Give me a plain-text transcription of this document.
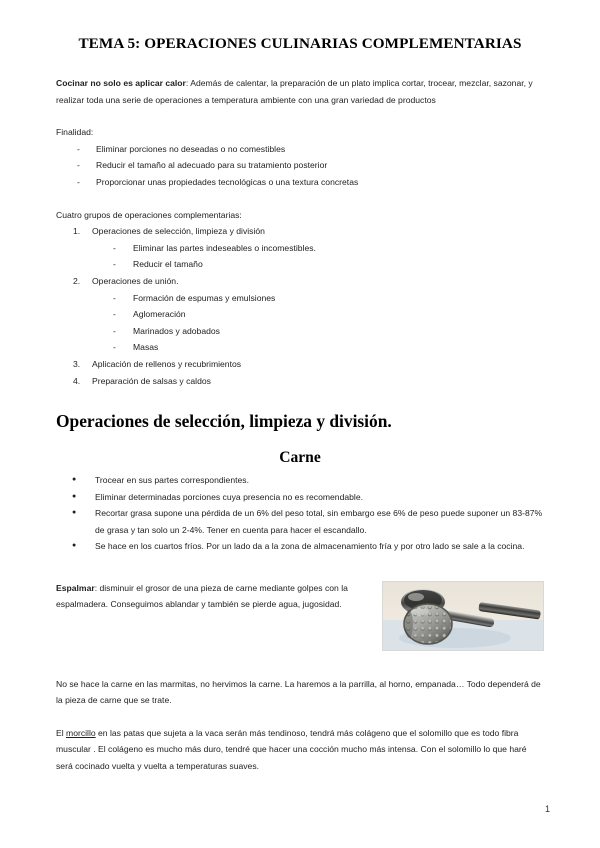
TEMA 5: OPERACIONES CULINARIAS COMPLEMENTARIAS

Cocinar no solo es aplicar calor: Además de calentar, la preparación de un plato implica cortar, trocear, mezclar, sazonar, y realizar toda una serie de operaciones a temperatura ambiente con una gran variedad de productos

Finalidad:

- Eliminar porciones no deseadas o no comestibles
- Reducir el tamaño al adecuado para su tratamiento posterior
- Proporcionar unas propiedades tecnológicas o una textura concretas

Cuatro grupos de operaciones complementarias:

1. Operaciones de selección, limpieza y división
- Eliminar las partes indeseables o incomestibles.
- Reducir el tamaño
2. Operaciones de unión.
- Formación de espumas y emulsiones
- Aglomeración
- Marinados y adobados
- Masas
3. Aplicación de rellenos y recubrimientos
4. Preparación de salsas y caldos
Operaciones de selección, limpieza y división.
Carne
● Trocear en sus partes correspondientes.
● Eliminar determinadas porciones cuya presencia no es recomendable.
● Recortar grasa supone una pérdida de un 6% del peso total, sin embargo ese 6% de peso puede suponer un 83-87% de grasa y tan solo un 2-4%. Tener en cuenta para hacer el escandallo.
● Se hace en los cuartos fríos. Por un lado da a la zona de almacenamiento fría y por otro lado se sale a la cocina.

Espalmar: disminuir el grosor de una pieza de carne mediante golpes con la espalmadera. Conseguimos ablandar y también se pierde agua, jugosidad.

No se hace la carne en las marmitas, no hervimos la carne. La haremos a la parrilla, al horno, empanada… Todo dependerá de la pieza de carne que se trate.

El morcillo en las patas que sujeta a la vaca serán más tendinoso, tendrá más colágeno que el solomillo que es todo fibra muscular . El colágeno es mucho más duro, tendré que hacer una cocción mucho más intensa. Con el solomillo lo que haré será cocinado vuelta y vuelta a temperaturas suaves.

1
